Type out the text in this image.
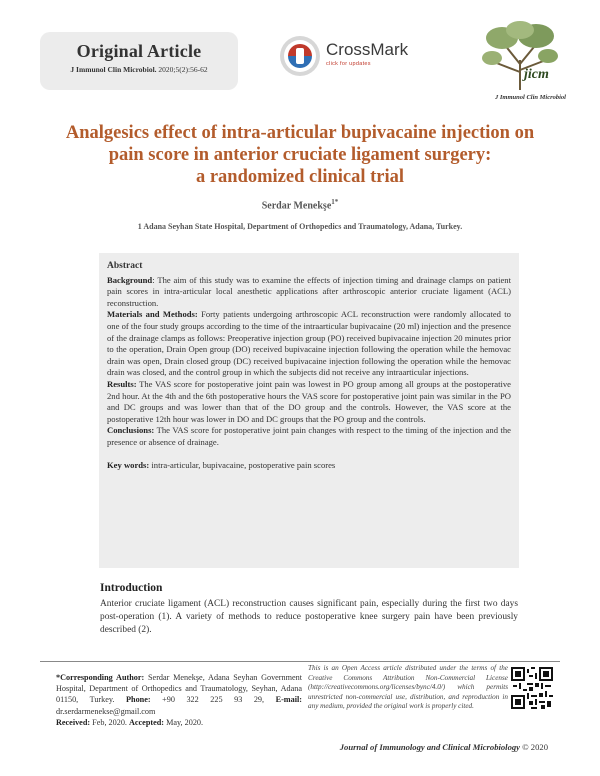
Original Article
J Immunol Clin Microbiol. 2020;5(2):56-62
CrossMark
click for updates
jicm
J Immunol Clin Microbiol
Analgesics effect of intra-articular bupivacaine injection on
pain score in anterior cruciate ligament surgery:
a randomized clinical trial
Serdar Menekşe$^{1*}$
1 Adana Seyhan State Hospital, Department of Orthopedics and Traumatology, Adana, Turkey.
Abstract

Background: The aim of this study was to examine the effects of injection timing and drainage clamps on patient pain scores in intra-articular local anesthetic applications after arthroscopic anterior cruciate ligament (ACL) reconstruction.

Materials and Methods: Forty patients undergoing arthroscopic ACL reconstruction were randomly allocated to one of the four study groups according to the time of the intraarticular bupivacaine (20 ml) injection and the presence of the drainage clamps as follows: Preoperative injection group (PO) received bupivacaine injection 20 minutes prior to the operation, Drain Open group (DO) received bupivacaine injection following the operation while the hemovac drain was open, Drain closed group (DC) received bupivacaine injection following the operation while the hemovac drain was closed, and the control group in which the subjects did not receive any intraarticular injections.

Results: The VAS score for postoperative joint pain was lowest in PO group among all groups at the postoperative 2nd hour. At the 4th and the 6th postoperative hours the VAS score for postoperative joint pain was similar in the PO and DC groups and was lower than that of the DO group and the controls. However, the VAS score at the postoperative 12th hour was lower in DO and DC groups that the PO group and the controls.

Conclusions: The VAS score for postoperative joint pain changes with respect to the timing of the injection and the presence or absence of drainage.

Key words: intra-articular, bupivacaine, postoperative pain scores

Introduction
Anterior cruciate ligament (ACL) reconstruction causes significant pain, especially during the first two days post-operation (1). A variety of methods to reduce postoperative knee surgery pain have been previously described (2).
*Corresponding Author: Serdar Menekşe, Adana Seyhan Government Hospital, Department of Orthopedics and Traumatology, Seyhan, Adana 01150, Turkey. Phone: +90 322 225 93 29, E-mail: dr.serdarmenekse@gmail.com
Received: Feb, 2020. Accepted: May, 2020.
This is an Open Access article distributed under the terms of the Creative Commons Attribution Non-Commercial License (http://creativecommons.org/licenses/bync/4.0/) which permits unrestricted non-commercial use, distribution, and reproduction in any medium, provided the original work is properly cited.
Journal of Immunology and Clinical Microbiology © 2020
